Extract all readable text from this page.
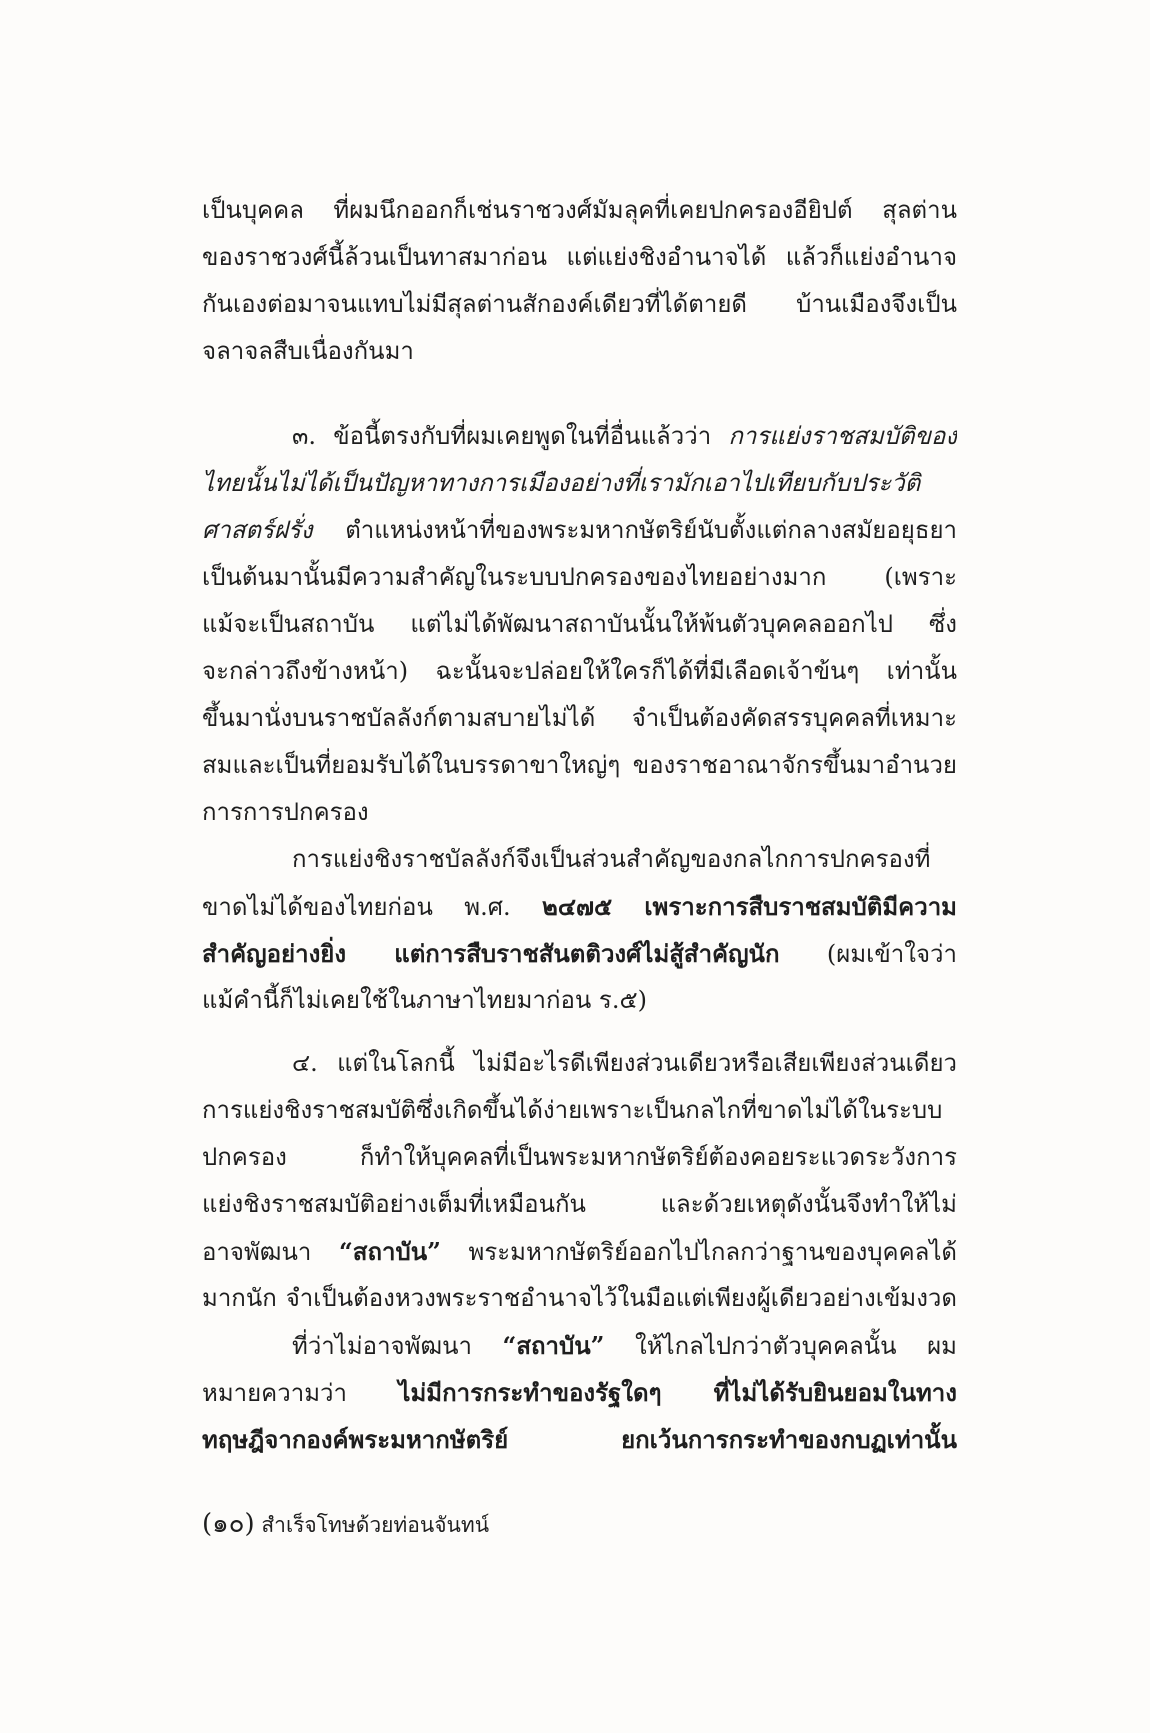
เป็นบุคคล ที่ผมนึกออกก็เช่นราชวงศ์มัมลุคที่เคยปกครองอียิปต์ สุลต่าน
ของราชวงศ์นี้ล้วนเป็นทาสมาก่อน แต่แย่งชิงอำนาจได้ แล้วก็แย่งอำนาจ
กันเองต่อมาจนแทบไม่มีสุลต่านสักองค์เดียวที่ได้ตายดี บ้านเมืองจึงเป็น
จลาจลสืบเนื่องกันมา
๓. ข้อนี้ตรงกับที่ผมเคยพูดในที่อื่นแล้วว่า การแย่งราชสมบัติของ
ไทยนั้นไม่ได้เป็นปัญหาทางการเมืองอย่างที่เรามักเอาไปเทียบกับประวัติ
ศาสตร์ฝรั่ง ตำแหน่งหน้าที่ของพระมหากษัตริย์นับตั้งแต่กลางสมัยอยุธยา
เป็นต้นมานั้นมีความสำคัญในระบบปกครองของไทยอย่างมาก (เพราะ
แม้จะเป็นสถาบัน แต่ไม่ได้พัฒนาสถาบันนั้นให้พ้นตัวบุคคลออกไป ซึ่ง
จะกล่าวถึงข้างหน้า) ฉะนั้นจะปล่อยให้ใครก็ได้ที่มีเลือดเจ้าข้นๆ เท่านั้น
ขึ้นมานั่งบนราชบัลลังก์ตามสบายไม่ได้ จำเป็นต้องคัดสรรบุคคลที่เหมาะ
สมและเป็นที่ยอมรับได้ในบรรดาขาใหญ่ๆ ของราชอาณาจักรขึ้นมาอำนวย
การการปกครอง
การแย่งชิงราชบัลลังก์จึงเป็นส่วนสำคัญของกลไกการปกครองที่
ขาดไม่ได้ของไทยก่อน พ.ศ. ๒๔๗๕ เพราะการสืบราชสมบัติมีความ
สำคัญอย่างยิ่ง แต่การสืบราชสันตติวงศ์ไม่สู้สำคัญนัก (ผมเข้าใจว่า
แม้คำนี้ก็ไม่เคยใช้ในภาษาไทยมาก่อน ร.๕)
๔. แต่ในโลกนี้ ไม่มีอะไรดีเพียงส่วนเดียวหรือเสียเพียงส่วนเดียว
การแย่งชิงราชสมบัติซึ่งเกิดขึ้นได้ง่ายเพราะเป็นกลไกที่ขาดไม่ได้ในระบบ
ปกครอง ก็ทำให้บุคคลที่เป็นพระมหากษัตริย์ต้องคอยระแวดระวังการ
แย่งชิงราชสมบัติอย่างเต็มที่เหมือนกัน และด้วยเหตุดังนั้นจึงทำให้ไม่
อาจพัฒนา “สถาบัน” พระมหากษัตริย์ออกไปไกลกว่าฐานของบุคคลได้
มากนัก จำเป็นต้องหวงพระราชอำนาจไว้ในมือแต่เพียงผู้เดียวอย่างเข้มงวด
ที่ว่าไม่อาจพัฒนา “สถาบัน” ให้ไกลไปกว่าตัวบุคคลนั้น ผม
หมายความว่า ไม่มีการกระทำของรัฐใดๆ ที่ไม่ได้รับยินยอมในทาง
ทฤษฎีจากองค์พระมหากษัตริย์ ยกเว้นการกระทำของกบฏเท่านั้น
(๑๐) สำเร็จโทษด้วยท่อนจันทน์
